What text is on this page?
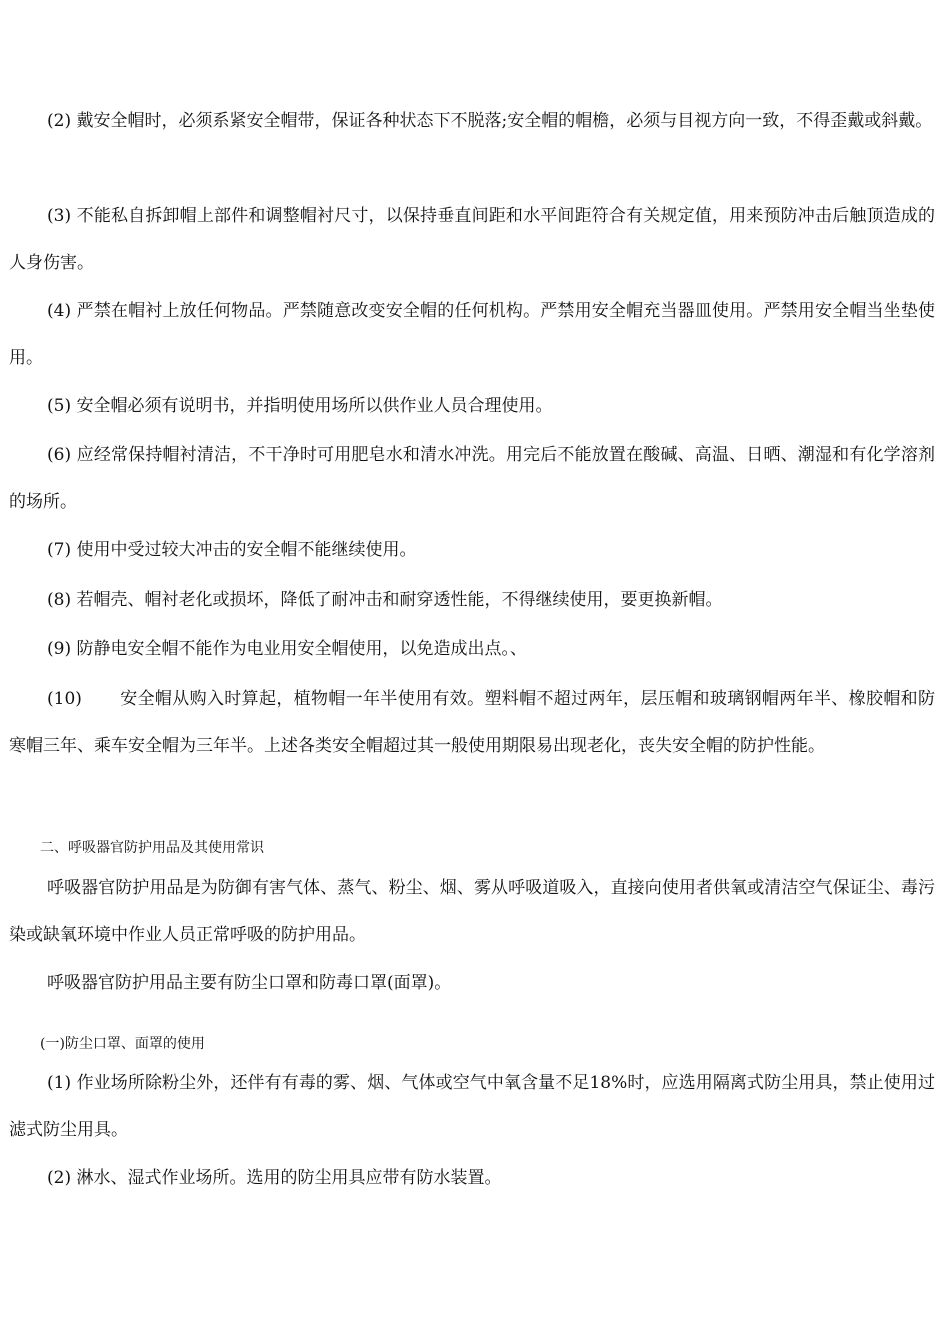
(2) 戴安全帽时，必须系紧安全帽带，保证各种状态下不脱落;安全帽的帽檐，必须与目视方向一致，不得歪戴或斜戴。

(3) 不能私自拆卸帽上部件和调整帽衬尺寸，以保持垂直间距和水平间距符合有关规定值，用来预防冲击后触顶造成的人身伤害。

(4) 严禁在帽衬上放任何物品。严禁随意改变安全帽的任何机构。严禁用安全帽充当器皿使用。严禁用安全帽当坐垫使用。

(5) 安全帽必须有说明书，并指明使用场所以供作业人员合理使用。

(6) 应经常保持帽衬清洁，不干净时可用肥皂水和清水冲洗。用完后不能放置在酸碱、高温、日晒、潮湿和有化学溶剂的场所。

(7) 使用中受过较大冲击的安全帽不能继续使用。

(8) 若帽壳、帽衬老化或损坏，降低了耐冲击和耐穿透性能，不得继续使用，要更换新帽。

(9) 防静电安全帽不能作为电业用安全帽使用，以免造成出点。、

(10) 安全帽从购入时算起，植物帽一年半使用有效。塑料帽不超过两年，层压帽和玻璃钢帽两年半、橡胶帽和防寒帽三年、乘车安全帽为三年半。上述各类安全帽超过其一般使用期限易出现老化，丧失安全帽的防护性能。

二、呼吸器官防护用品及其使用常识

呼吸器官防护用品是为防御有害气体、蒸气、粉尘、烟、雾从呼吸道吸入，直接向使用者供氧或清洁空气保证尘、毒污染或缺氧环境中作业人员正常呼吸的防护用品。

呼吸器官防护用品主要有防尘口罩和防毒口罩(面罩)。

(一)防尘口罩、面罩的使用

(1) 作业场所除粉尘外，还伴有有毒的雾、烟、气体或空气中氧含量不足18%时，应选用隔离式防尘用具，禁止使用过滤式防尘用具。

(2) 淋水、湿式作业场所。选用的防尘用具应带有防水装置。
